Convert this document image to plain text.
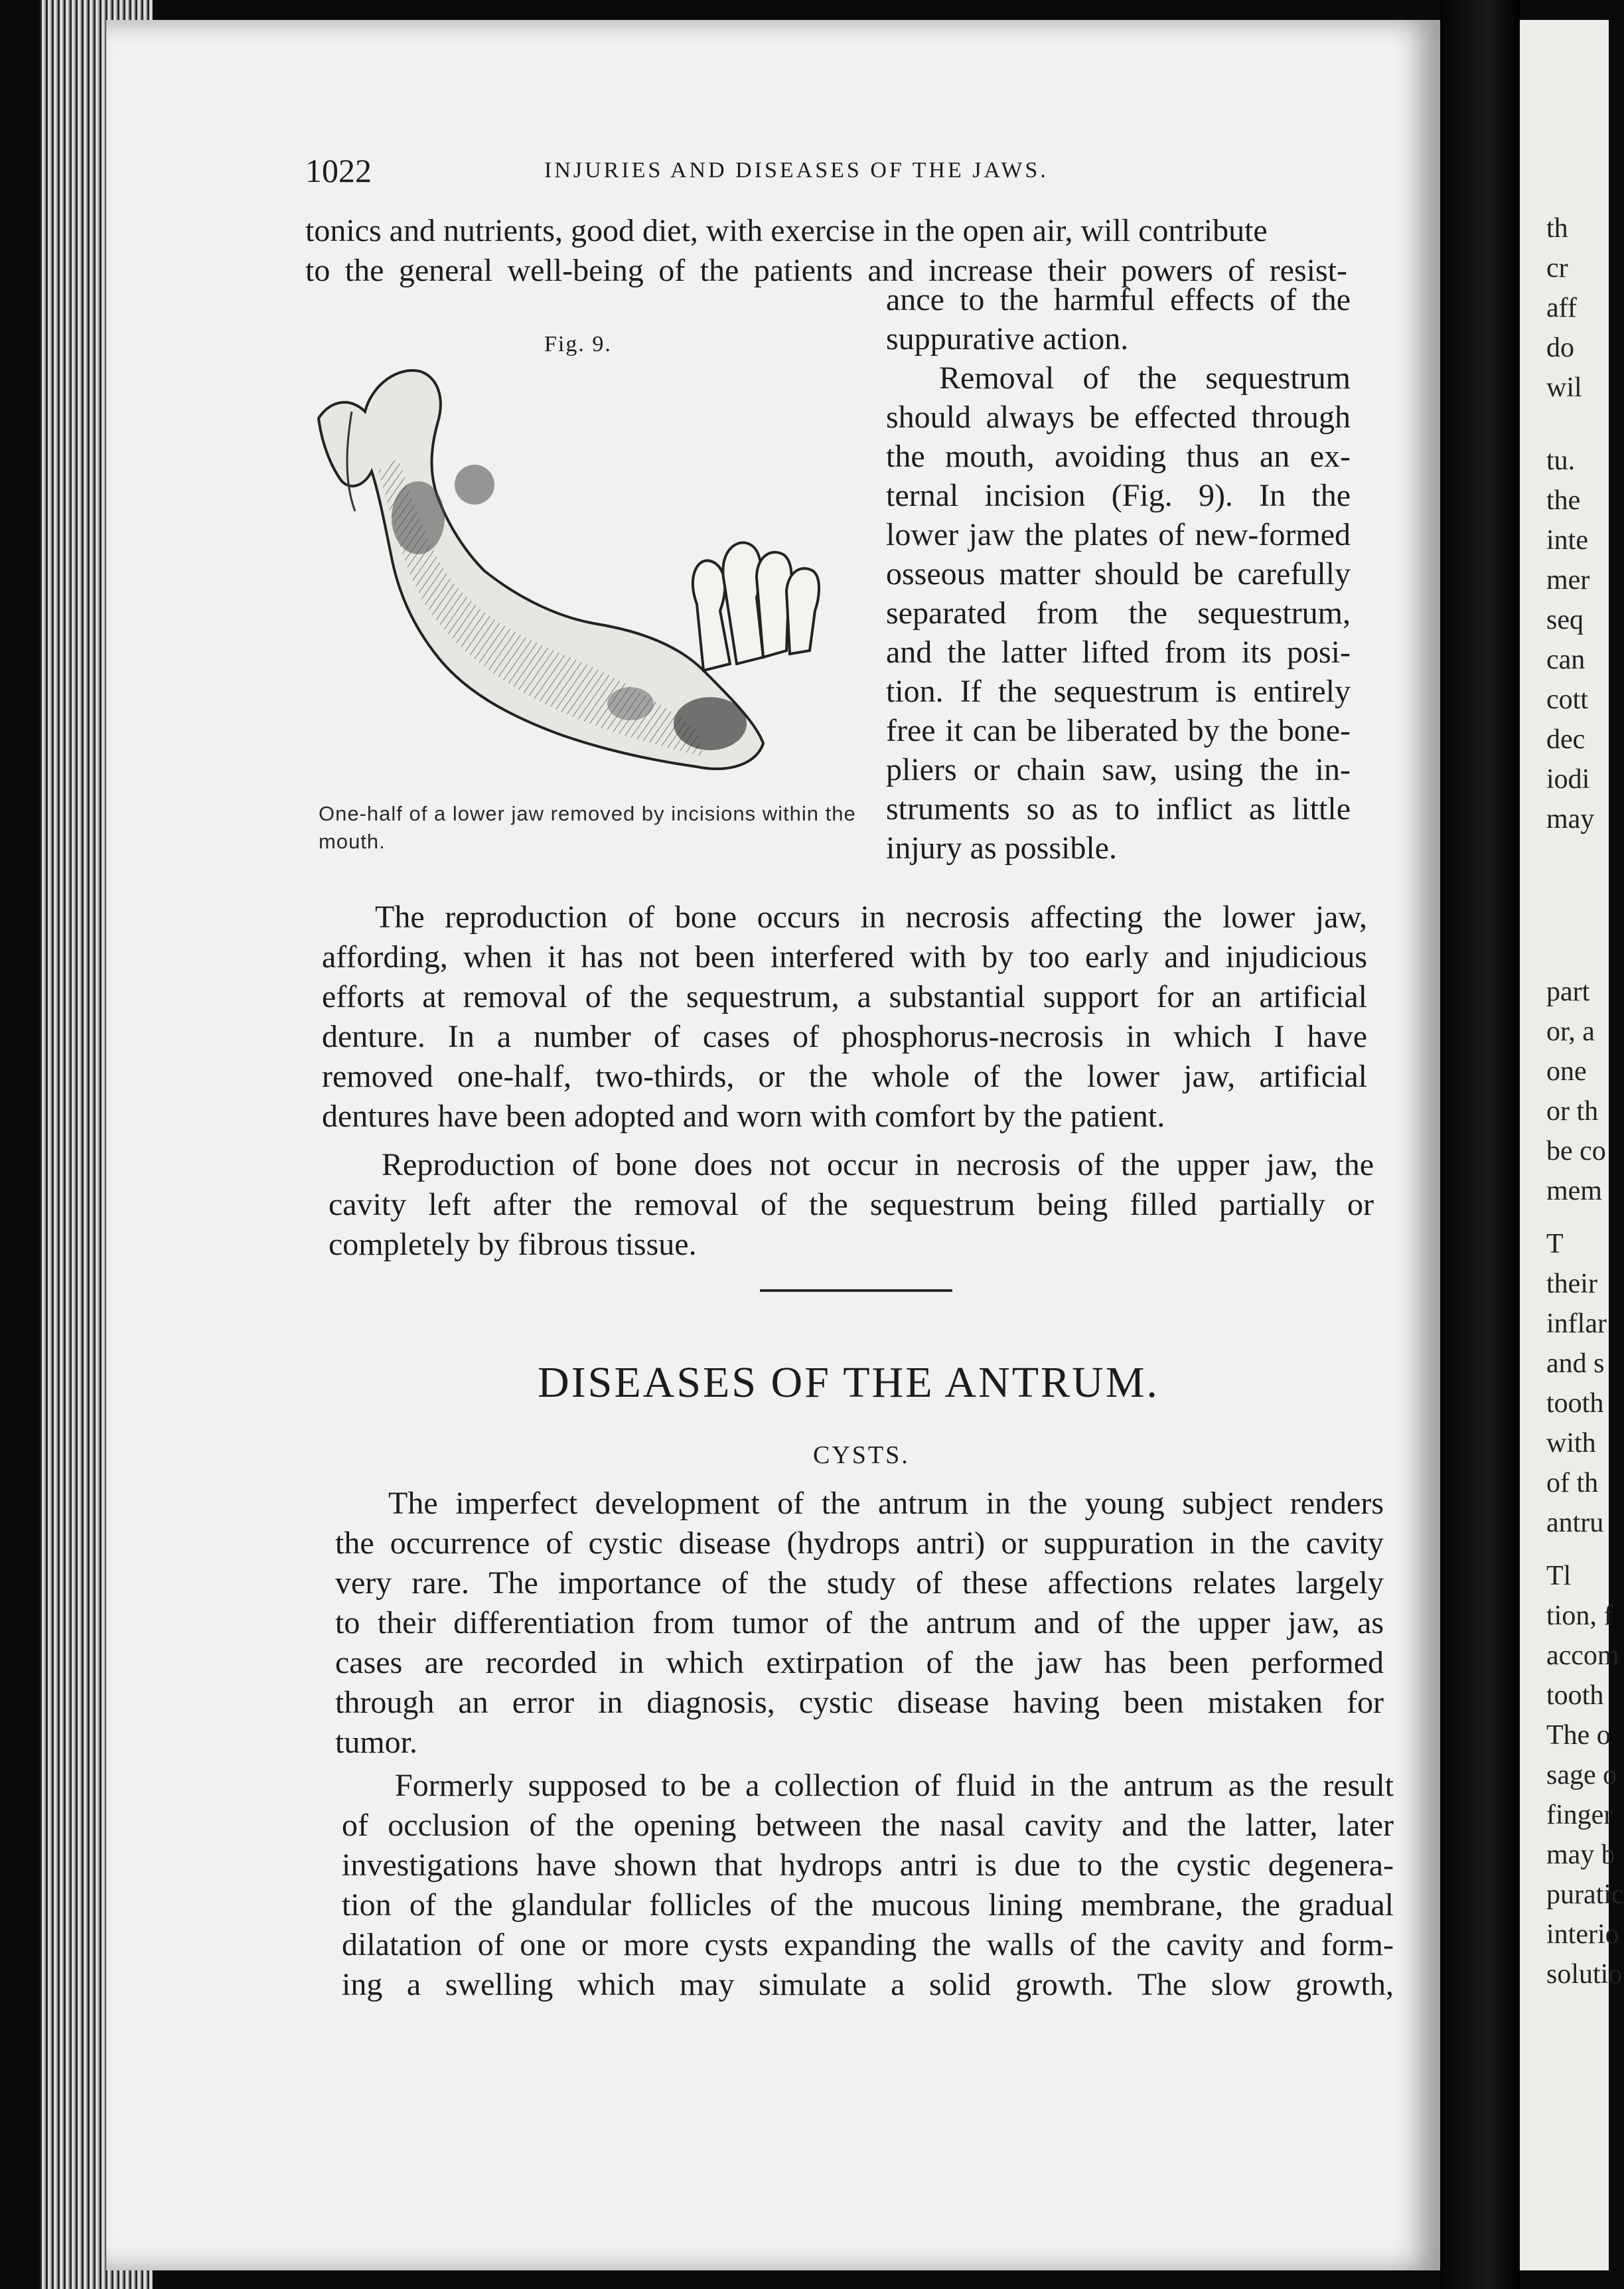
th
cr
aff
do
wil
tu.
the
inte
mer
seq
can
cott
dec
iodi
may
part
or, a
one
or th
be co
mem
T
their
inflar
and s
tooth
with
of th
antru
Tl
tion, f
accom
tooth
The o
sage o
finger
may b
puratic
interio
solutio
1022	INJURIES AND DISEASES OF THE JAWS.
tonics and nutrients, good diet, with exercise in the open air, will contribute
to the general well-being of the patients and increase their powers of resist-
ance to the harmful effects of the
suppurative action.
Removal of the sequestrum
should always be effected through
the mouth, avoiding thus an ex-
ternal incision (Fig. 9). In the
lower jaw the plates of new-formed
osseous matter should be carefully
separated from the sequestrum,
and the latter lifted from its posi-
tion. If the sequestrum is entirely
free it can be liberated by the bone-
pliers or chain saw, using the in-
struments so as to inflict as little
injury as possible.
Fig. 9.
One-half of a lower jaw removed by incisions within the mouth.
The reproduction of bone occurs in necrosis affecting the lower jaw,
affording, when it has not been interfered with by too early and injudicious
efforts at removal of the sequestrum, a substantial support for an artificial
denture. In a number of cases of phosphorus-necrosis in which I have
removed one-half, two-thirds, or the whole of the lower jaw, artificial
dentures have been adopted and worn with comfort by the patient.
Reproduction of bone does not occur in necrosis of the upper jaw, the
cavity left after the removal of the sequestrum being filled partially or
completely by fibrous tissue.
DISEASES OF THE ANTRUM.
CYSTS.
The imperfect development of the antrum in the young subject renders
the occurrence of cystic disease (hydrops antri) or suppuration in the cavity
very rare. The importance of the study of these affections relates largely
to their differentiation from tumor of the antrum and of the upper jaw, as
cases are recorded in which extirpation of the jaw has been performed
through an error in diagnosis, cystic disease having been mistaken for
tumor.
Formerly supposed to be a collection of fluid in the antrum as the result
of occlusion of the opening between the nasal cavity and the latter, later
investigations have shown that hydrops antri is due to the cystic degenera-
tion of the glandular follicles of the mucous lining membrane, the gradual
dilatation of one or more cysts expanding the walls of the cavity and form-
ing a swelling which may simulate a solid growth. The slow growth,
